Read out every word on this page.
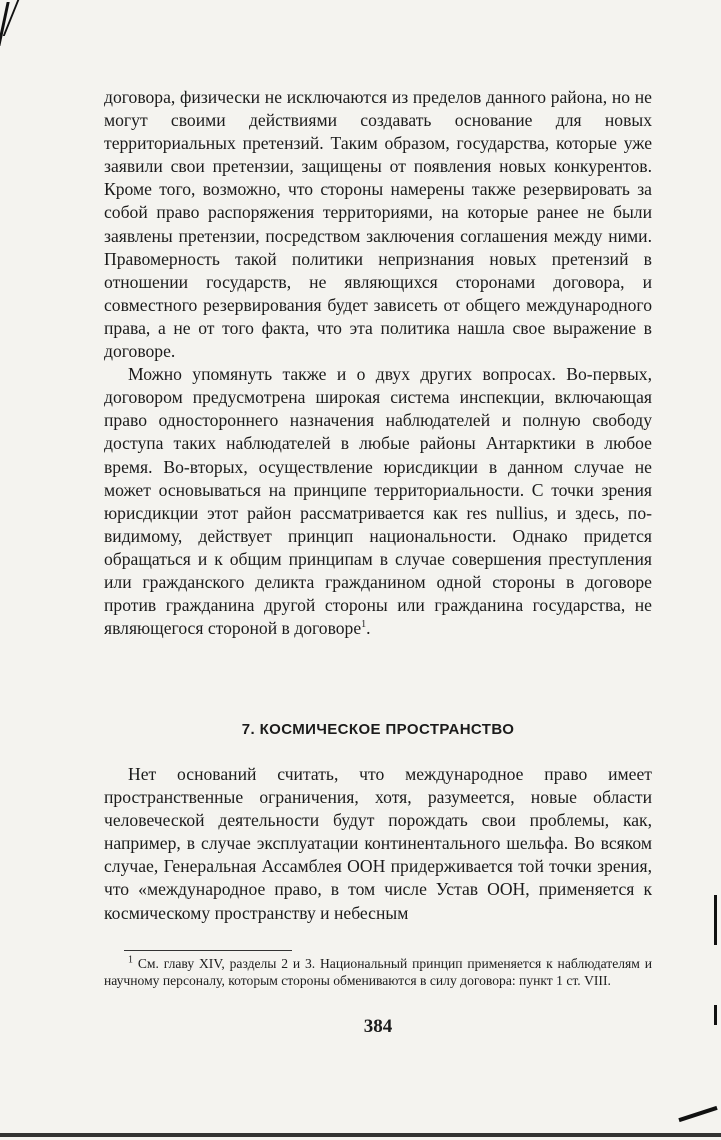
договора, физически не исключаются из пределов данного района, но не могут своими действиями создавать основание для новых территориальных претензий. Таким образом, государства, которые уже заявили свои претензии, защищены от появления новых конкурентов. Кроме того, возможно, что стороны намерены также резервировать за собой право распоряжения территориями, на которые ранее не были заявлены претензии, посредством заключения соглашения между ними. Правомерность такой политики непризнания новых претензий в отношении государств, не являющихся сторонами договора, и совместного резервирования будет зависеть от общего международного права, а не от того факта, что эта политика нашла свое выражение в договоре.

Можно упомянуть также и о двух других вопросах. Во-первых, договором предусмотрена широкая система инспекции, включающая право одностороннего назначения наблюдателей и полную свободу доступа таких наблюдателей в любые районы Антарктики в любое время. Во-вторых, осуществление юрисдикции в данном случае не может основываться на принципе территориальности. С точки зрения юрисдикции этот район рассматривается как res nullius, и здесь, по-видимому, действует принцип национальности. Однако придется обращаться и к общим принципам в случае совершения преступления или гражданского деликта гражданином одной стороны в договоре против гражданина другой стороны или гражданина государства, не являющегося стороной в договоре$^1$.

7. КОСМИЧЕСКОЕ ПРОСТРАНСТВО

Нет оснований считать, что международное право имеет пространственные ограничения, хотя, разумеется, новые области человеческой деятельности будут порождать свои проблемы, как, например, в случае эксплуатации континентального шельфа. Во всяком случае, Генеральная Ассамблея ООН придерживается той точки зрения, что «международное право, в том числе Устав ООН, применяется к космическому пространству и небесным

$^1$ См. главу XIV, разделы 2 и 3. Национальный принцип применяется к наблюдателям и научному персоналу, которым стороны обмениваются в силу договора: пункт 1 ст. VIII.
384
